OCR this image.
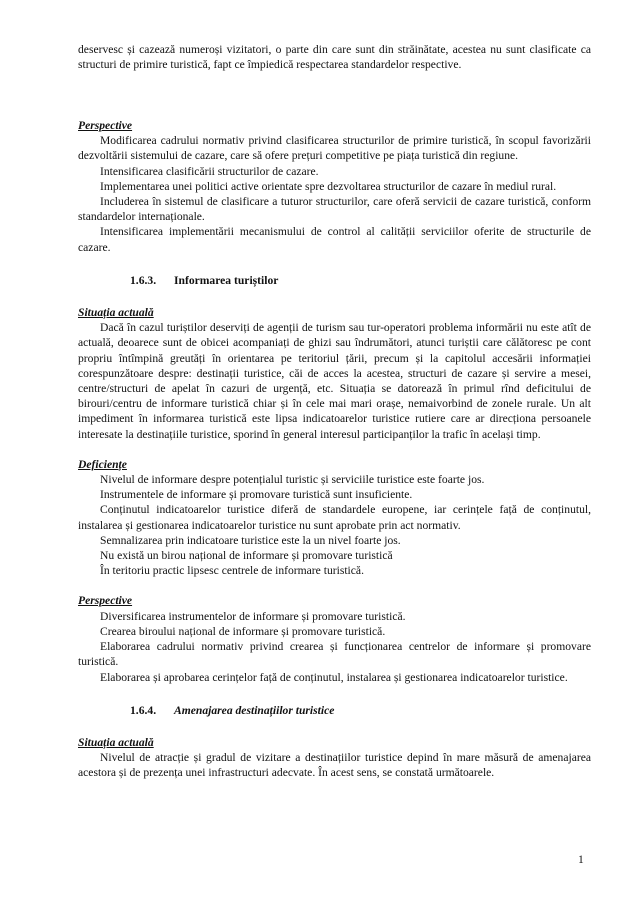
deservesc și cazează numeroși vizitatori, o parte din care sunt din străinătate, acestea nu sunt clasificate ca structuri de primire turistică, fapt ce împiedică respectarea standardelor respective.

Perspective

Modificarea cadrului normativ privind clasificarea structurilor de primire turistică, în scopul favorizării dezvoltării sistemului de cazare, care să ofere prețuri competitive pe piața turistică din regiune.

Intensificarea clasificării structurilor de cazare.

Implementarea unei politici active orientate spre dezvoltarea structurilor de cazare în mediul rural.

Includerea în sistemul de clasificare a tuturor structurilor, care oferă servicii de cazare turistică, conform standardelor internaționale.

Intensificarea implementării mecanismului de control al calității serviciilor oferite de structurile de cazare.

1.6.3.	Informarea turiștilor

Situația actuală

Dacă în cazul turiștilor deserviți de agenții de turism sau tur-operatori problema informării nu este atît de actuală, deoarece sunt de obicei acompaniați de ghizi sau îndrumători, atunci turiștii care călătoresc pe cont propriu întîmpină greutăți în orientarea pe teritoriul țării, precum și la capitolul accesării informației corespunzătoare despre: destinații turistice, căi de acces la acestea, structuri de cazare și servire a mesei, centre/structuri de apelat în cazuri de urgență, etc. Situația se datorează în primul rînd deficitului de birouri/centru de informare turistică chiar și în cele mai mari orașe, nemaivorbind de zonele rurale. Un alt impediment în informarea turistică este lipsa indicatoarelor turistice rutiere care ar direcționa persoanele interesate la destinațiile turistice, sporind în general interesul participanților la trafic în același timp.

Deficiențe

Nivelul de informare despre potențialul turistic și serviciile turistice este foarte jos.

Instrumentele de informare și promovare turistică sunt insuficiente.

Conținutul indicatoarelor turistice diferă de standardele europene, iar cerințele față de conținutul, instalarea și gestionarea indicatoarelor turistice nu sunt aprobate prin act normativ.

Semnalizarea prin indicatoare turistice este la un nivel foarte jos.

Nu există un birou național de informare și promovare turistică

În teritoriu practic lipsesc centrele de informare turistică.

Perspective

Diversificarea instrumentelor de informare și promovare turistică.

Crearea biroului național de informare și promovare turistică.

Elaborarea cadrului normativ privind crearea și funcționarea centrelor de informare și promovare turistică.

Elaborarea și aprobarea cerințelor față de conținutul, instalarea și gestionarea indicatoarelor turistice.

1.6.4.	Amenajarea destinațiilor turistice

Situația actuală

Nivelul de atracție și gradul de vizitare a destinațiilor turistice depind în mare măsură de amenajarea acestora și de prezența unei infrastructuri adecvate. În acest sens, se constată următoarele.

1
